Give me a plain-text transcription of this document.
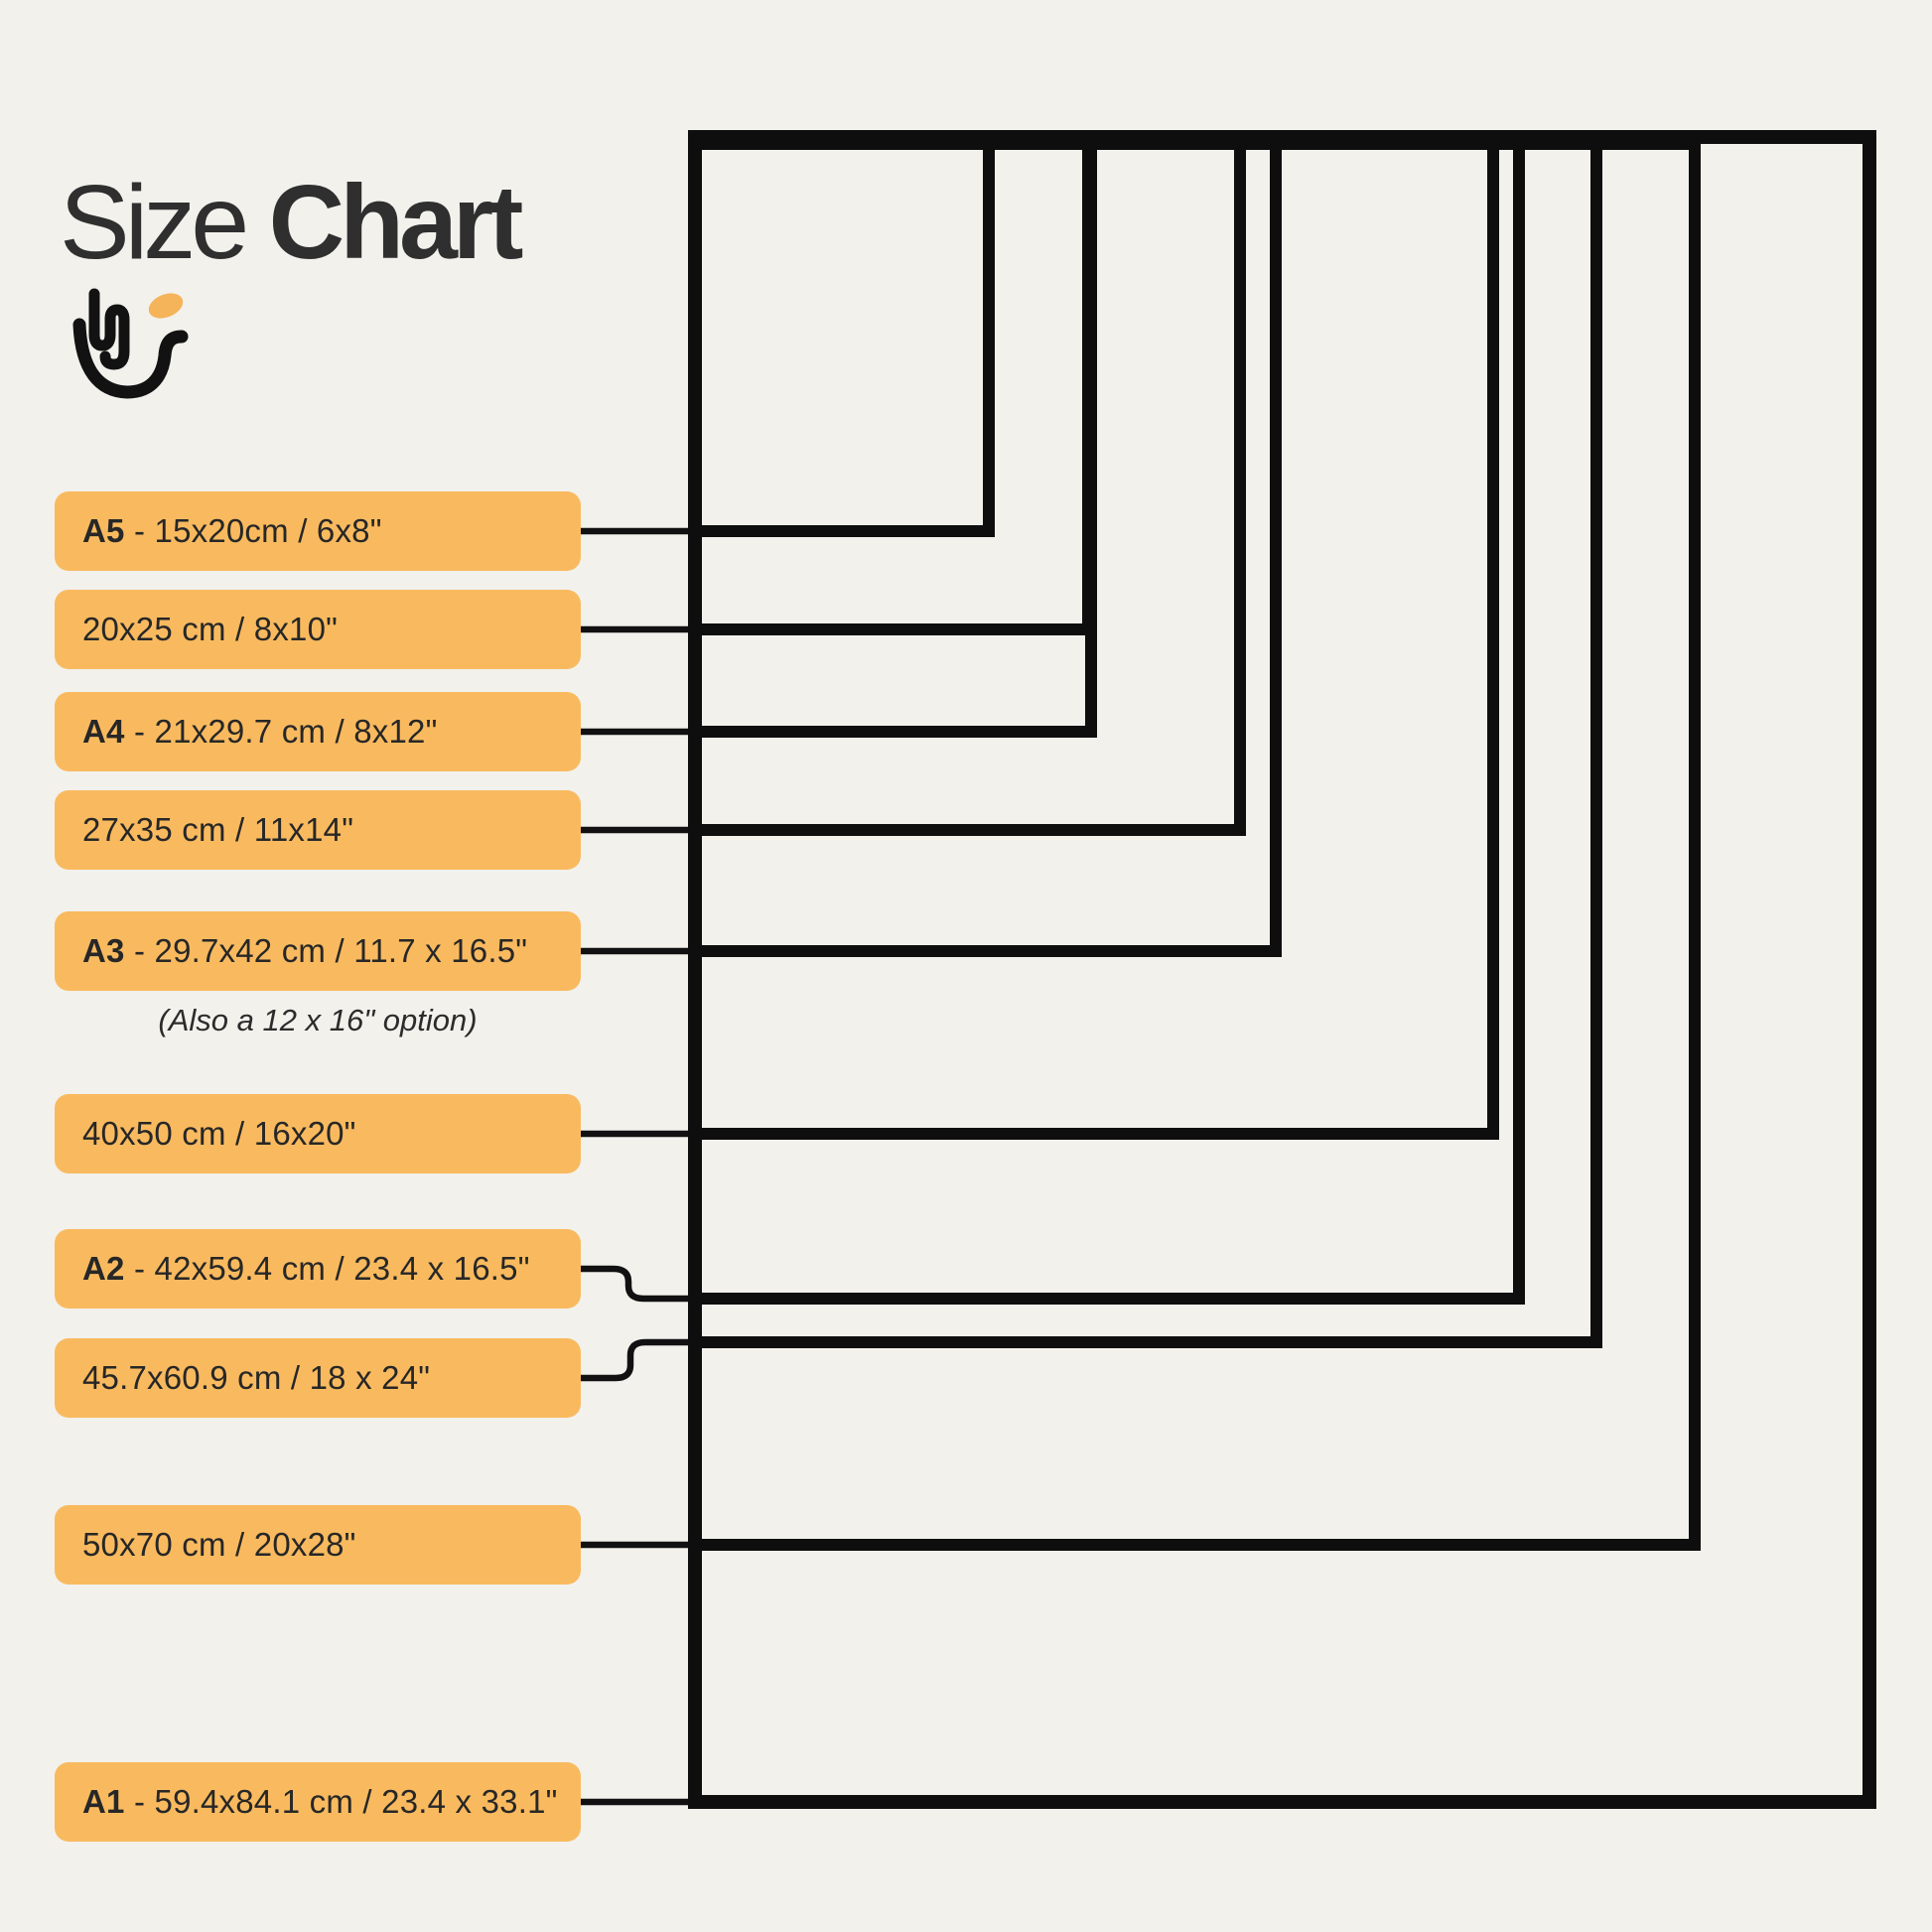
Size Chart
A5 - 15x20cm / 6x8"
20x25 cm / 8x10"
A4 - 21x29.7 cm / 8x12"
27x35 cm / 11x14"
A3 - 29.7x42 cm / 11.7 x 16.5"
(Also a 12 x 16" option)
40x50 cm / 16x20"
A2 - 42x59.4 cm / 23.4 x 16.5"
45.7x60.9 cm / 18 x 24"
50x70 cm / 20x28"
A1 - 59.4x84.1 cm / 23.4 x 33.1"
